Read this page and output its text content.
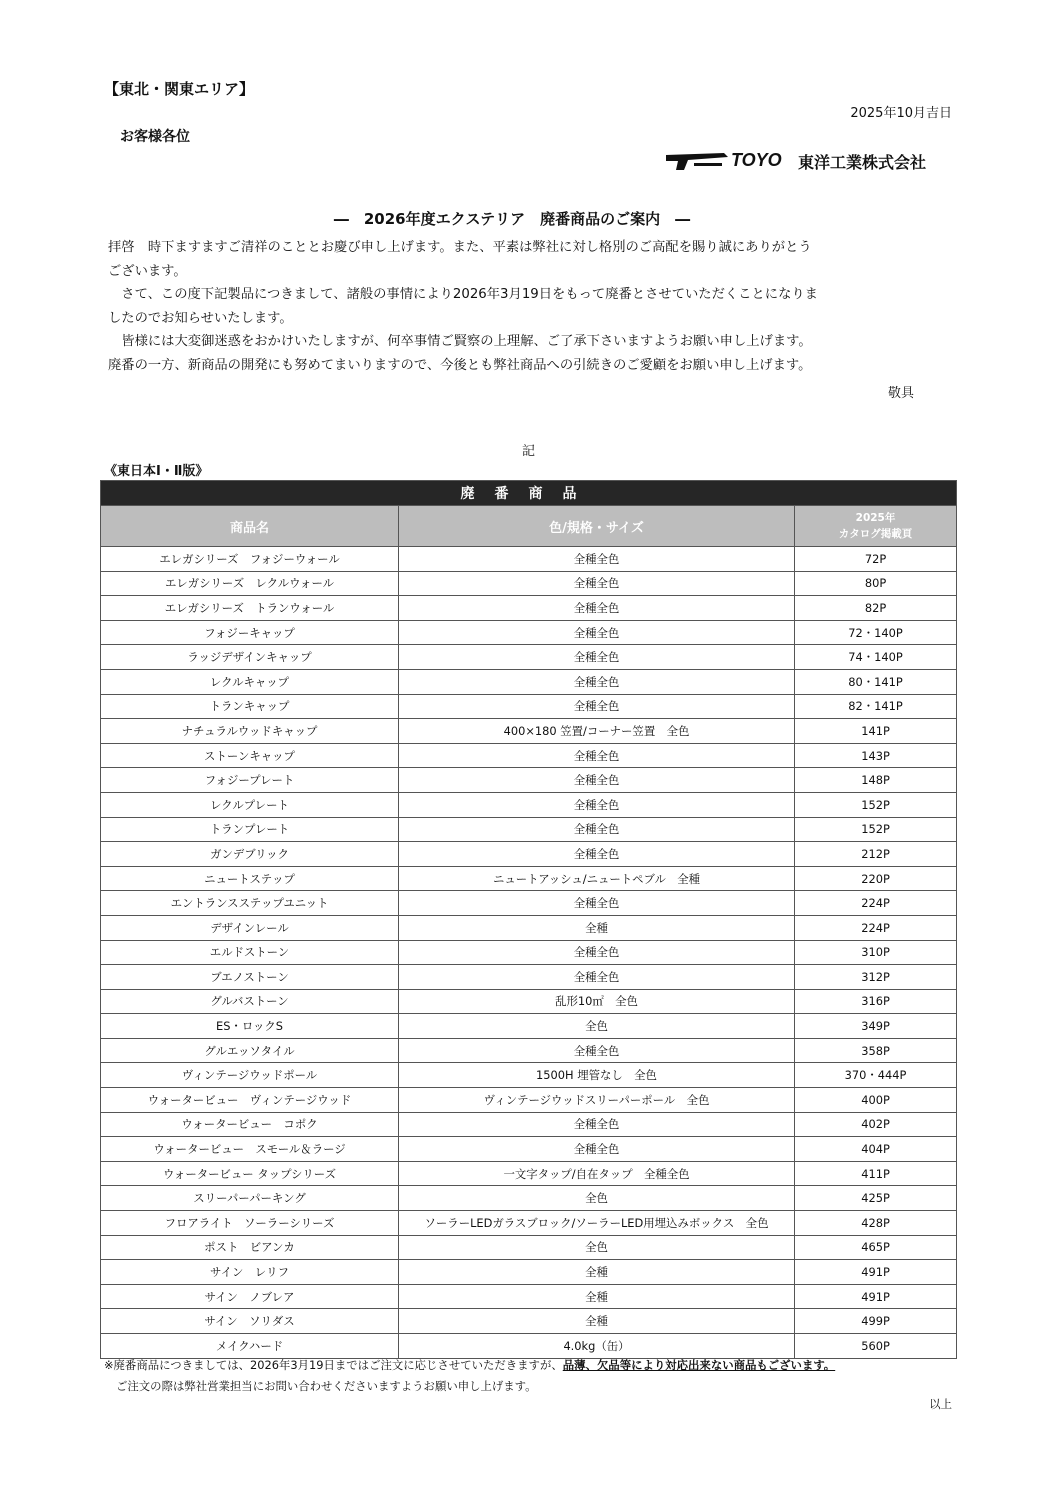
【東北・関東エリア】
2025年10月吉日
お客様各位
TOYO 東洋工業株式会社
―　2026年度エクステリア　廃番商品のご案内　―

拝啓　時下ますますご清祥のこととお慶び申し上げます。また、平素は弊社に対し格別のご高配を賜り誠にありがとう

ございます。

　さて、この度下記製品につきまして、諸般の事情により2026年3月19日をもって廃番とさせていただくことになりま

したのでお知らせいたします。

　皆様には大変御迷惑をおかけいたしますが、何卒事情ご賢察の上理解、ご了承下さいますようお願い申し上げます。

廃番の一方、新商品の開発にも努めてまいりますので、今後とも弊社商品への引続きのご愛顧をお願い申し上げます。

敬具
記
《東日本Ⅰ・Ⅱ版》
廃番商品		
商品名	色/規格・サイズ	2025年
カタログ掲載頁

エレガシリーズ　フォジーウォール	全種全色	72P
エレガシリーズ　レクルウォール	全種全色	80P
エレガシリーズ　トランウォール	全種全色	82P
フォジーキャップ	全種全色	72・140P
ラッジデザインキャップ	全種全色	74・140P
レクルキャップ	全種全色	80・141P
トランキャップ	全種全色	82・141P
ナチュラルウッドキャップ	400×180 笠置/コーナー笠置　全色	141P
ストーンキャップ	全種全色	143P
フォジープレート	全種全色	148P
レクルプレート	全種全色	152P
トランプレート	全種全色	152P
ガンデブリック	全種全色	212P
ニュートステップ	ニュートアッシュ/ニュートペブル　全種	220P
エントランスステップユニット	全種全色	224P
デザインレール	全種	224P
エルドストーン	全種全色	310P
ブエノストーン	全種全色	312P
グルバストーン	乱形10㎡　全色	316P
ES・ロックS	全色	349P
グルエッソタイル	全種全色	358P
ヴィンテージウッドポール	1500H 埋管なし　全色	370・444P
ウォータービュー　ヴィンテージウッド	ヴィンテージウッドスリーパーポール　全色	400P
ウォータービュー　コポク	全種全色	402P
ウォータービュー　スモール＆ラージ	全種全色	404P
ウォータービュー タップシリーズ	一文字タップ/自在タップ　全種全色	411P
スリーパーパーキング	全色	425P
フロアライト　ソーラーシリーズ	ソーラーLEDガラスブロック/ソーラーLED用埋込みボックス　全色	428P
ポスト　ビアンカ	全色	465P
サイン　レリフ	全種	491P
サイン　ノブレア	全種	491P
サイン　ソリダス	全種	499P
メイクハード	4.0kg（缶）	560P
※廃番商品につきましては、2026年3月19日まではご注文に応じさせていただきますが、品薄、欠品等により対応出来ない商品もございます。
ご注文の際は弊社営業担当にお問い合わせくださいますようお願い申し上げます。
以上
